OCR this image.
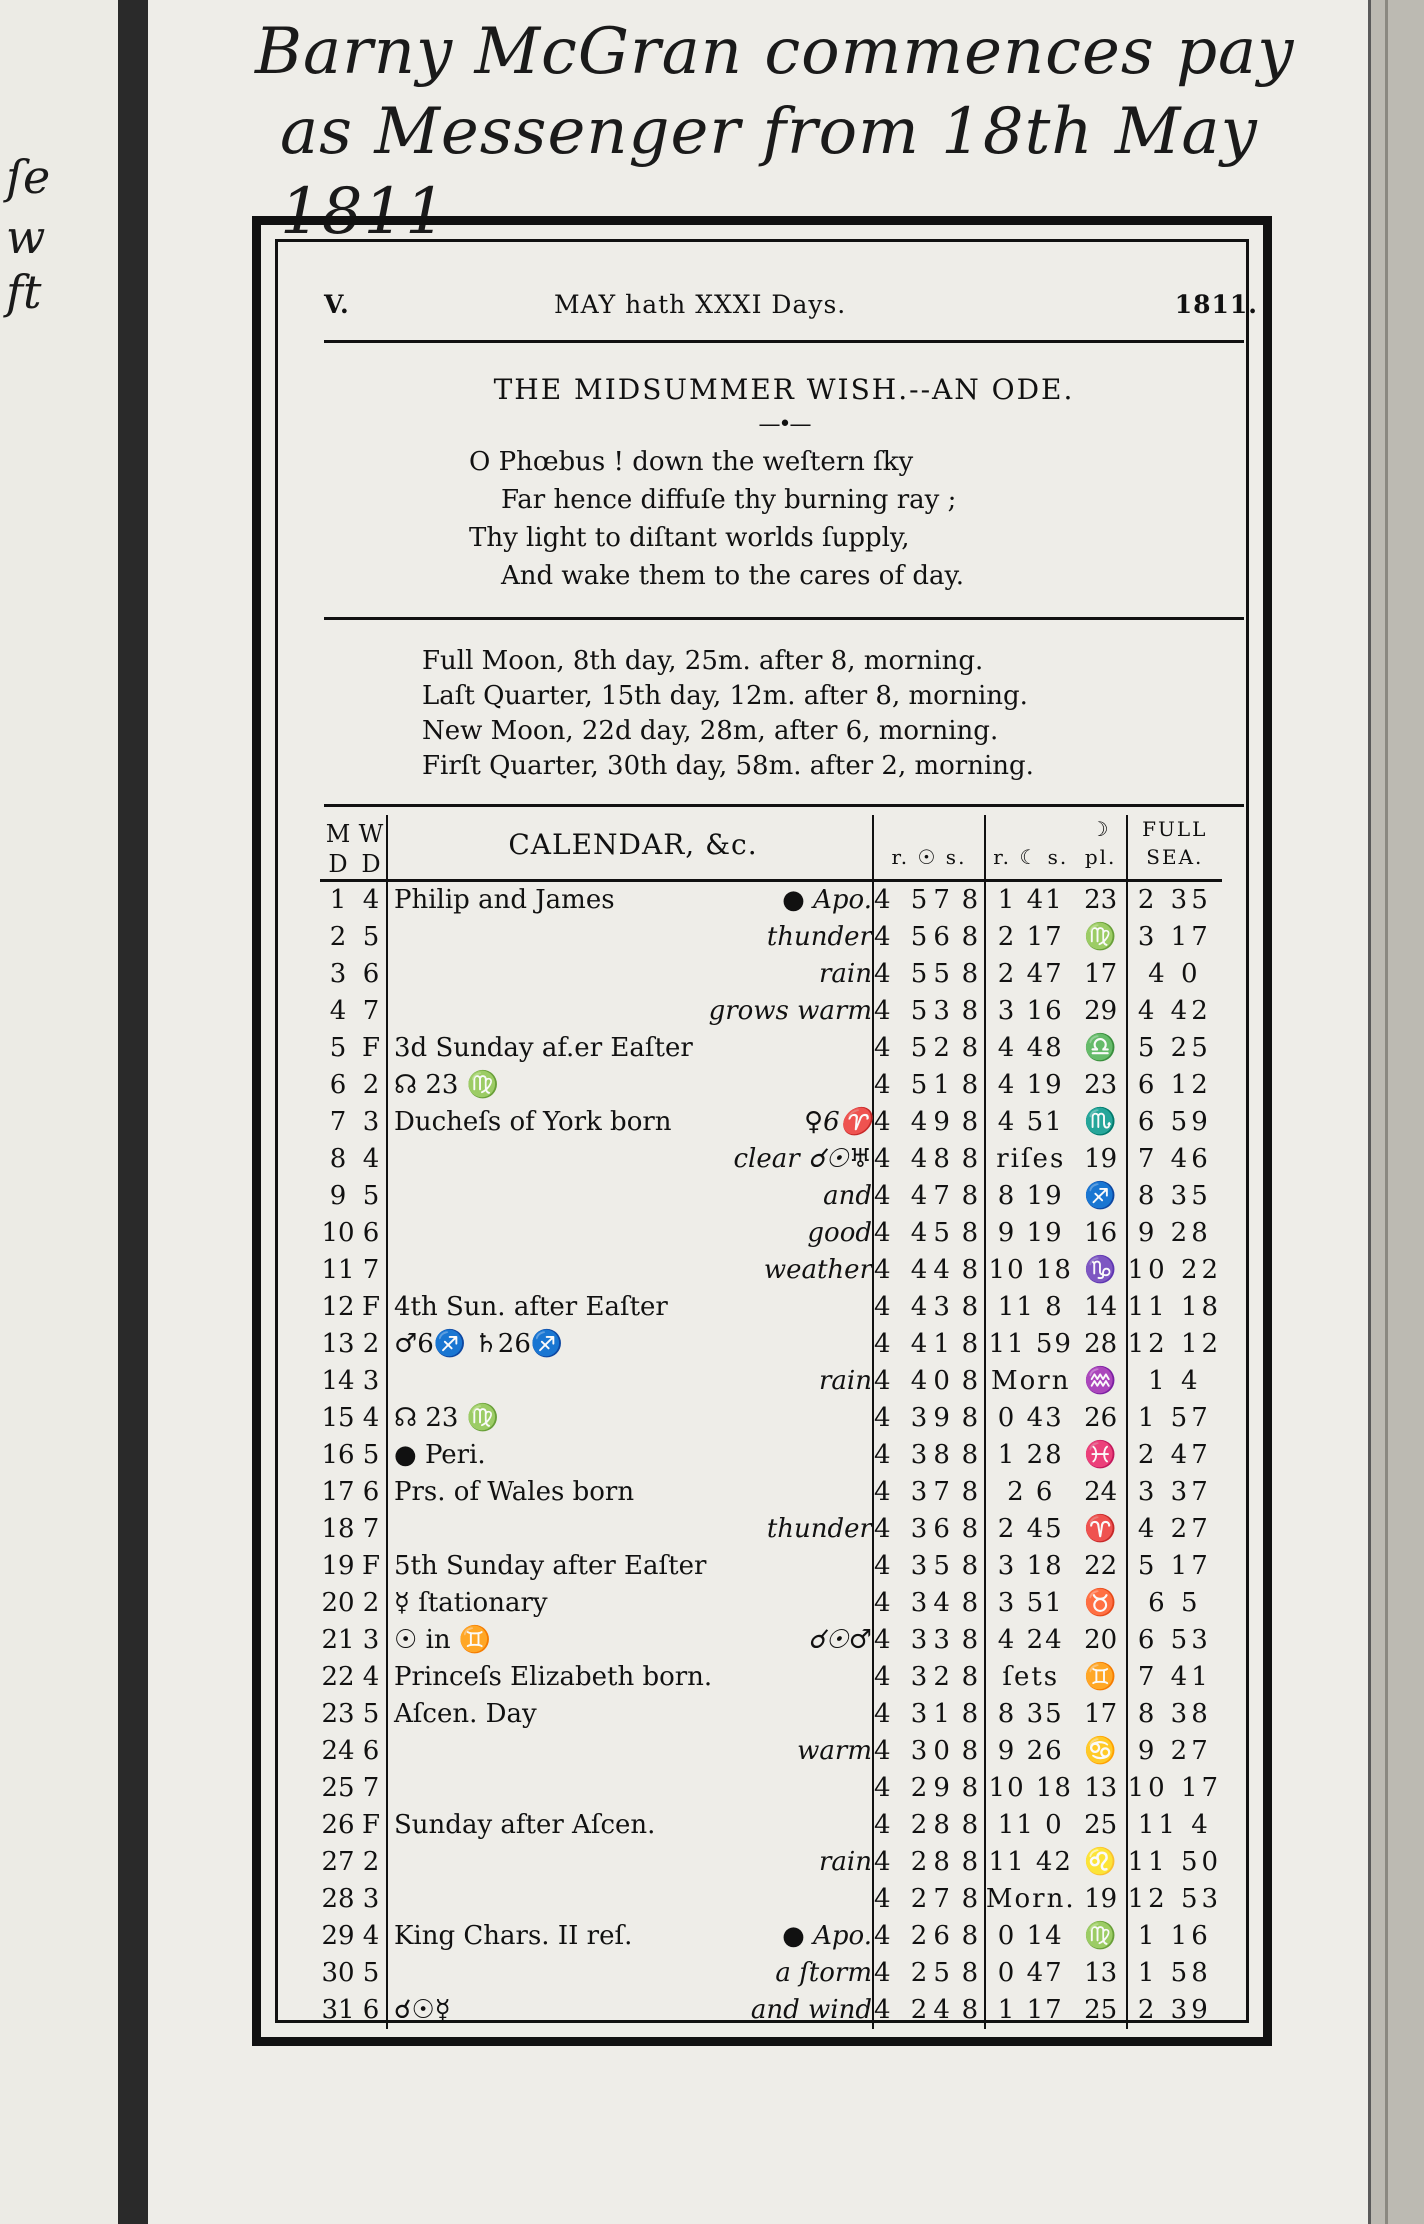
ſe
w
ft
Barny McGran commences pay
as Messenger from 18th May 1811
V.	MAY hath XXXI Days.	1811.
THE MIDSUMMER WISH.--AN ODE.
—•—
O Phœbus ! down the weſtern ſky
Far hence diffuſe thy burning ray ;
Thy light to diſtant worlds ſupply,
And wake them to the cares of day.
Full Moon, 8th day, 25m. after 8, morning.
Laſt Quarter, 15th day, 12m. after 8, morning.
New Moon, 22d day, 28m, after 6, morning.
Firſt Quarter, 30th day, 58m. after 2, morning.
M D	W D	CALENDAR, &c.	r. ☉ s.		r. ☾ s.	☽ pl.	FULL SEA.
1	4	Philip and James ● Apo.	4 57	8	1 41	23	2 35
2	5	thunder	4 56	8	2 17	♍	3 17
3	6	rain	4 55	8	2 47	17	4 0
4	7	grows warm	4 53	8	3 16	29	4 42
5	F	3d Sunday af.er Eaſter	4 52	8	4 48	♎	5 25
6	2	☊ 23 ♍	4 51	8	4 19	23	6 12
7	3	Ducheſs of York born ♀6♈	4 49	8	4 51	♏	6 59
8	4	clear ☌☉♅	4 48	8	riſes	19	7 46
9	5	and	4 47	8	8 19	♐	8 35
10	6	good	4 45	8	9 19	16	9 28
11	7	weather	4 44	8	10 18	♑	10 22
12	F	4th Sun. after Eaſter	4 43	8	11 8	14	11 18
13	2	♂6♐ ♄26♐	4 41	8	11 59	28	12 12
14	3	rain	4 40	8	Morn	♒	1 4
15	4	☊ 23 ♍	4 39	8	0 43	26	1 57
16	5	● Peri.	4 38	8	1 28	♓	2 47
17	6	Prs. of Wales born	4 37	8	2 6	24	3 37
18	7	thunder	4 36	8	2 45	♈	4 27
19	F	5th Sunday after Eaſter	4 35	8	3 18	22	5 17
20	2	☿ ſtationary	4 34	8	3 51	♉	6 5
21	3	☉ in ♊ ☌☉♂	4 33	8	4 24	20	6 53
22	4	Princeſs Elizabeth born.	4 32	8	ſets	♊	7 41
23	5	Aſcen. Day	4 31	8	8 35	17	8 38
24	6	warm	4 30	8	9 26	♋	9 27
25	7		4 29	8	10 18	13	10 17
26	F	Sunday after Aſcen.	4 28	8	11 0	25	11 4
27	2	rain	4 28	8	11 42	♌	11 50
28	3		4 27	8	Morn.	19	12 53
29	4	King Chars. II reſ. ● Apo.	4 26	8	0 14	♍	1 16
30	5	a ſtorm	4 25	8	0 47	13	1 58
31	6	☌☉☿ and wind	4 24	8	1 17	25	2 39
